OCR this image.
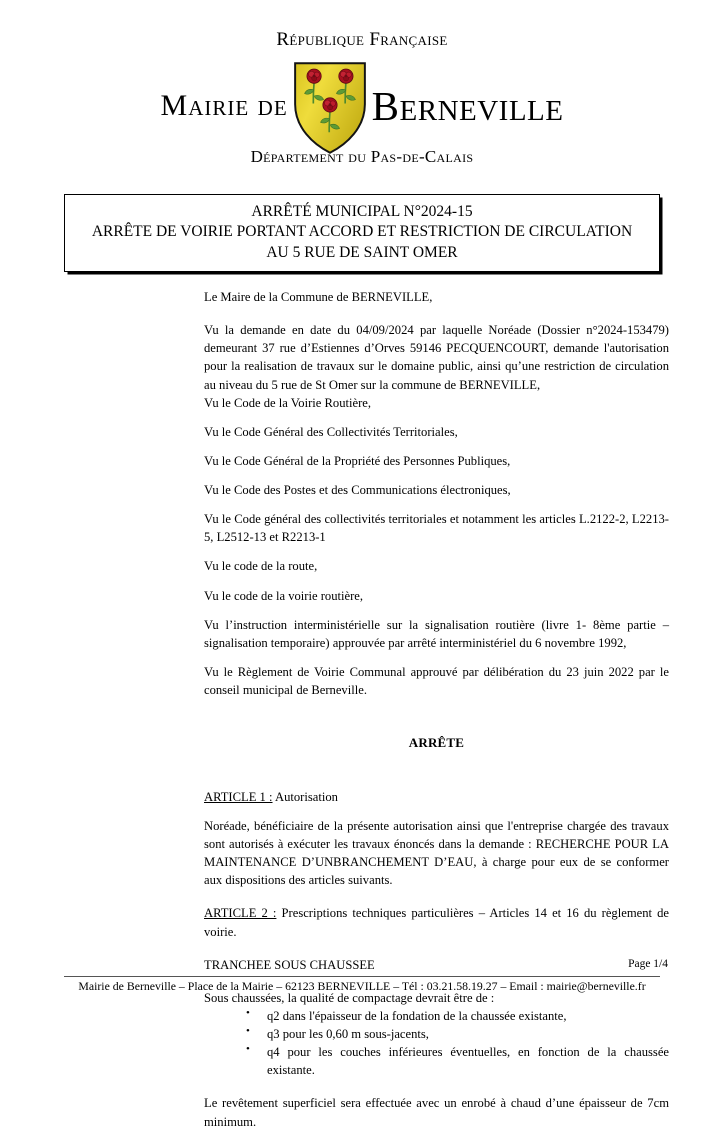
République Française
Mairie de Berneville
Département du Pas-de-Calais
ARRÊTÉ MUNICIPAL N°2024-15
ARRÊTE DE VOIRIE PORTANT ACCORD ET RESTRICTION DE CIRCULATION
AU 5 RUE DE SAINT OMER

Le Maire de la Commune de BERNEVILLE,

Vu la demande en date du 04/09/2024 par laquelle Noréade (Dossier n°2024-153479) demeurant 37 rue d’Estiennes d’Orves 59146 PECQUENCOURT, demande l'autorisation pour la realisation de travaux sur le domaine public, ainsi qu’une restriction de circulation au niveau du 5 rue de St Omer sur la commune de BERNEVILLE,

Vu le Code de la Voirie Routière,

Vu le Code Général des Collectivités Territoriales,

Vu le Code Général de la Propriété des Personnes Publiques,

Vu le Code des Postes et des Communications électroniques,

Vu le Code général des collectivités territoriales et notamment les articles L.2122-2, L2213-5, L2512-13 et R2213-1

Vu le code de la route,

Vu le code de la voirie routière,

Vu l’instruction interministérielle sur la signalisation routière (livre 1- 8ème partie – signalisation temporaire) approuvée par arrêté interministériel du 6 novembre 1992,

Vu le Règlement de Voirie Communal approuvé par délibération du 23 juin 2022 par le conseil municipal de Berneville.

ARRÊTE

ARTICLE 1 : Autorisation

Noréade, bénéficiaire de la présente autorisation ainsi que l'entreprise chargée des travaux sont autorisés à exécuter les travaux énoncés dans la demande : RECHERCHE POUR LA MAINTENANCE D’UNBRANCHEMENT D’EAU, à charge pour eux de se conformer aux dispositions des articles suivants.

ARTICLE 2 : Prescriptions techniques particulières – Articles 14 et 16 du règlement de voirie.

TRANCHEE SOUS CHAUSSEE

Sous chaussées, la qualité de compactage devrait être de :

• q2 dans l'épaisseur de la fondation de la chaussée existante,
• q3 pour les 0,60 m sous-jacents,
• q4 pour les couches inférieures éventuelles, en fonction de la chaussée existante.

Le revêtement superficiel sera effectuée avec un enrobé à chaud d’une épaisseur de 7cm minimum.

Page 1/4
Mairie de Berneville – Place de la Mairie – 62123 BERNEVILLE – Tél : 03.21.58.19.27 – Email : mairie@berneville.fr
